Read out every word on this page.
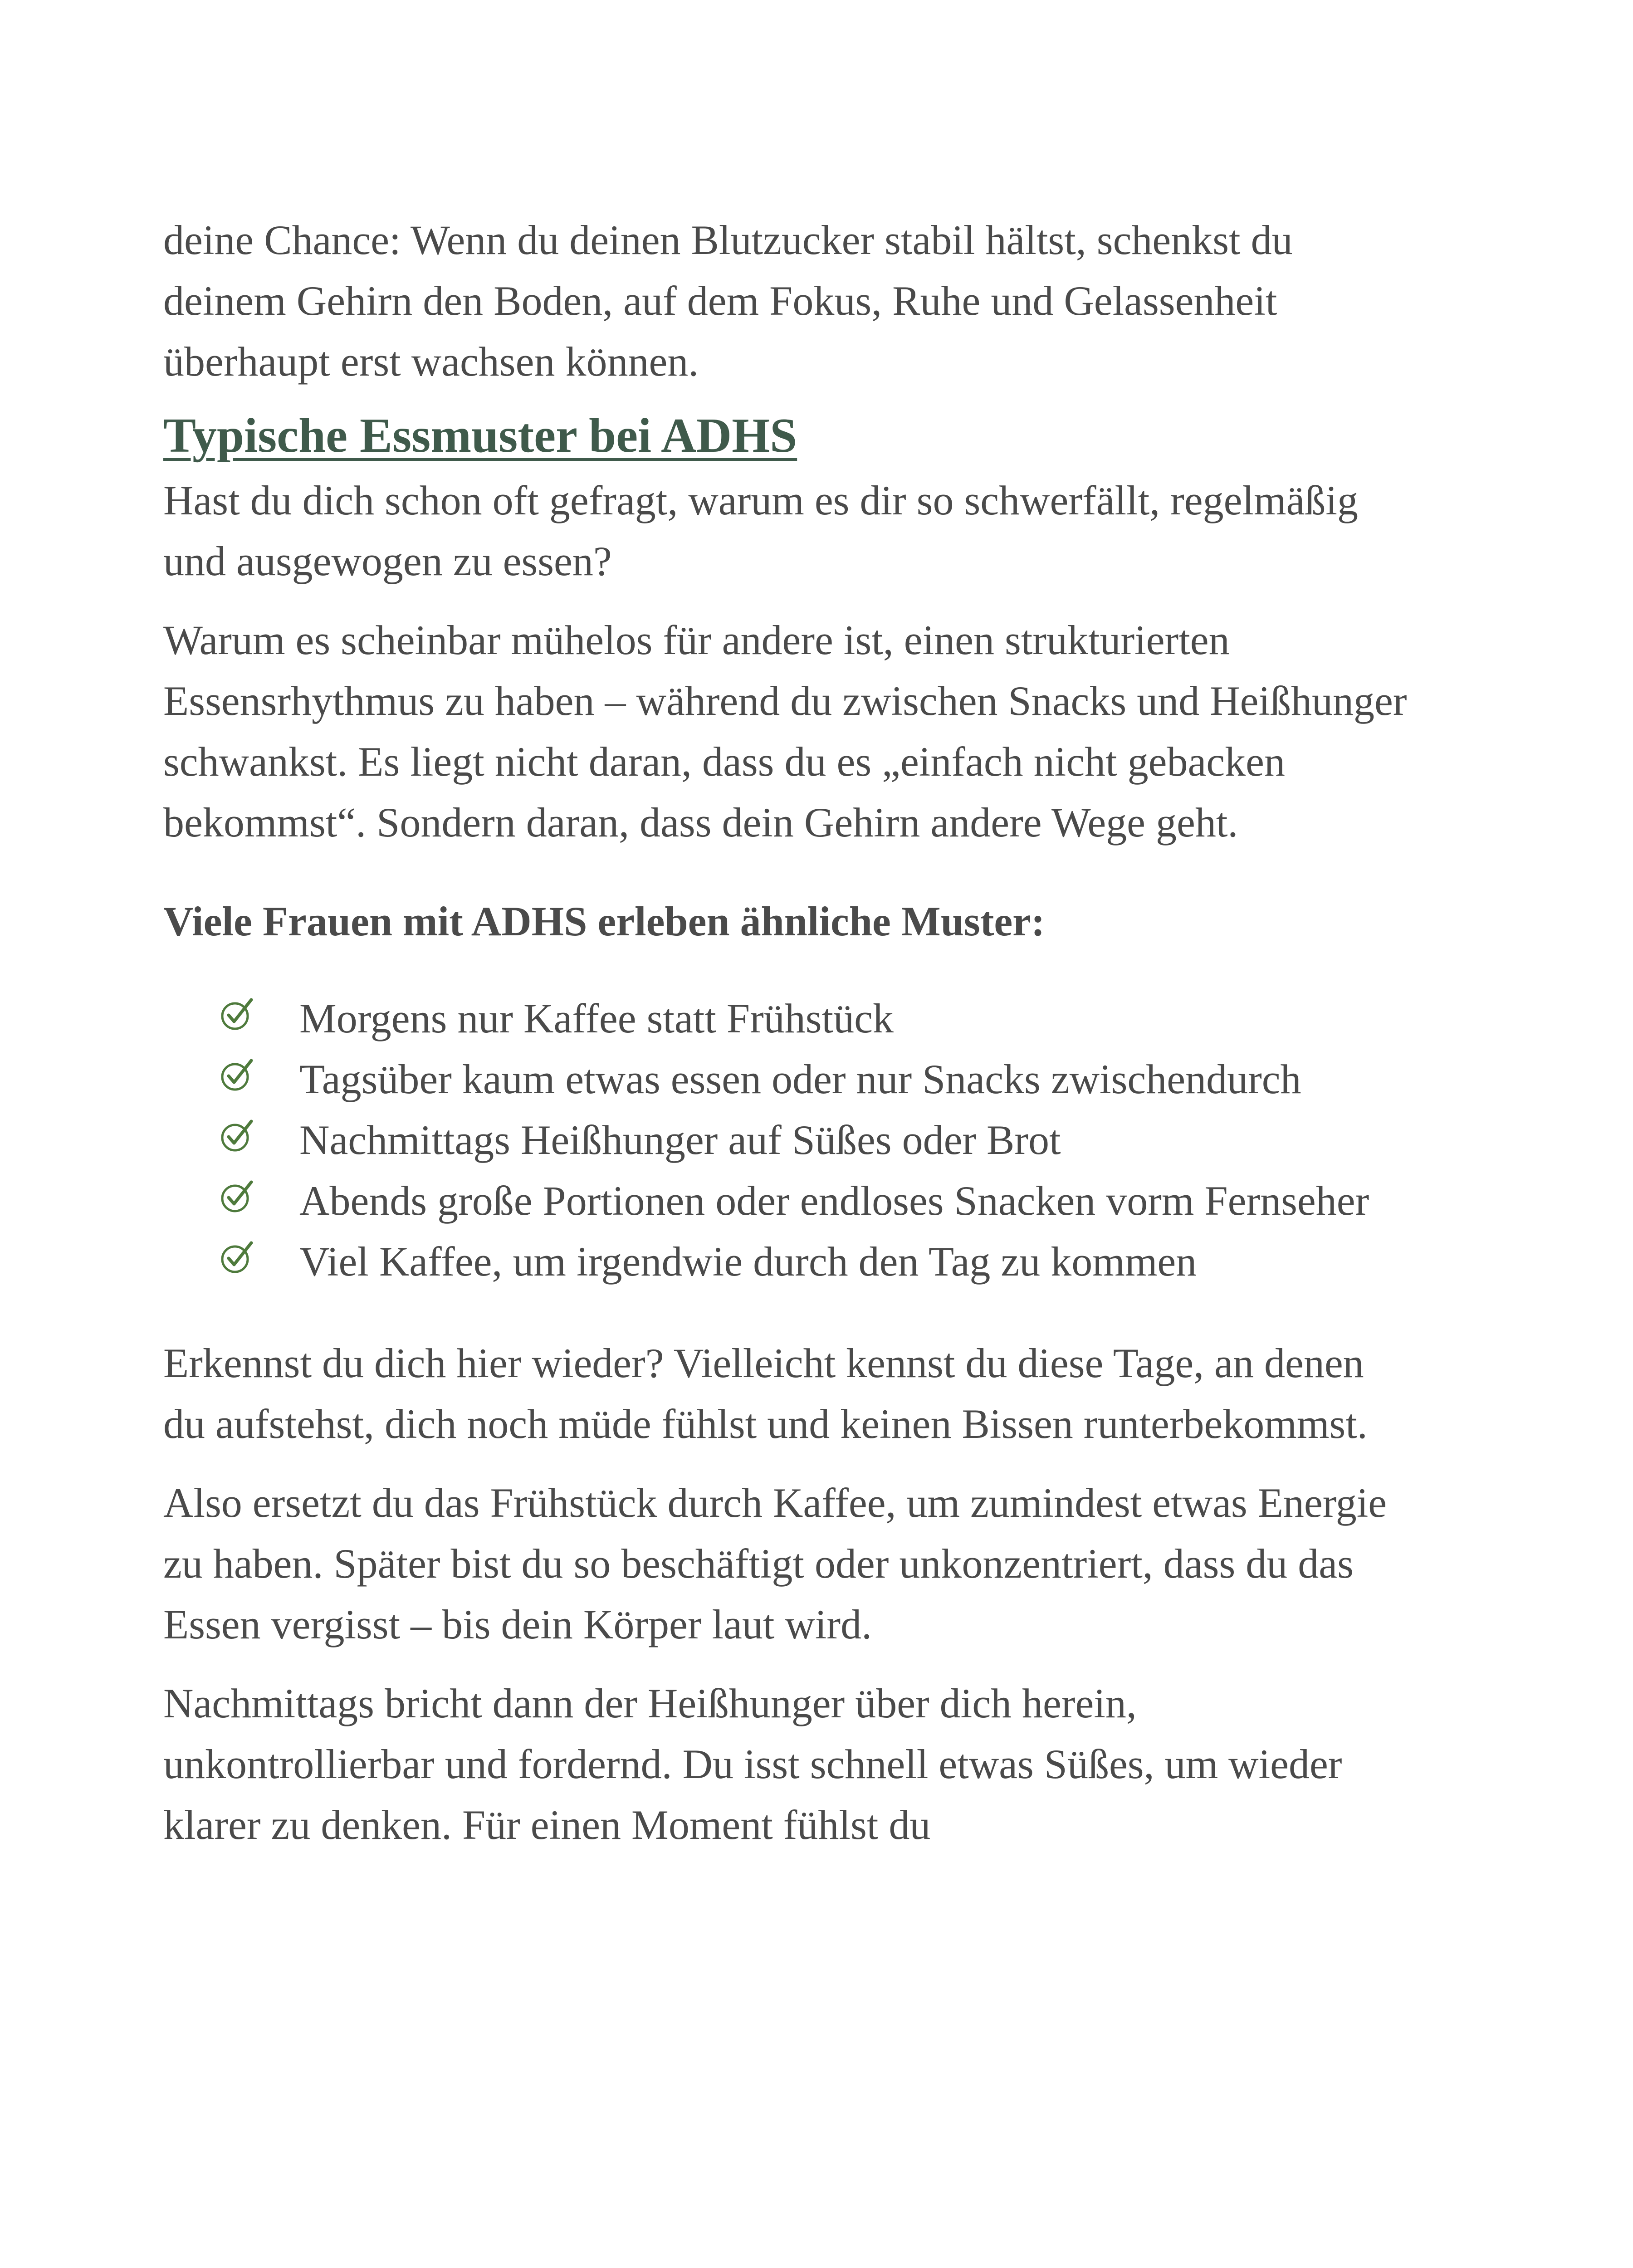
deine Chance: Wenn du deinen Blutzucker stabil hältst, schenkst du deinem Gehirn den Boden, auf dem Fokus, Ruhe und Gelassenheit überhaupt erst wachsen können.

Typische Essmuster bei ADHS

Hast du dich schon oft gefragt, warum es dir so schwerfällt, regelmäßig und ausgewogen zu essen?

Warum es scheinbar mühelos für andere ist, einen strukturierten Essensrhythmus zu haben – während du zwischen Snacks und Heißhunger schwankst. Es liegt nicht daran, dass du es „einfach nicht gebacken bekommst“. Sondern daran, dass dein Gehirn andere Wege geht.

Viele Frauen mit ADHS erleben ähnliche Muster:

Morgens nur Kaffee statt Frühstück
Tagsüber kaum etwas essen oder nur Snacks zwischendurch
Nachmittags Heißhunger auf Süßes oder Brot
Abends große Portionen oder endloses Snacken vorm Fernseher
Viel Kaffee, um irgendwie durch den Tag zu kommen

Erkennst du dich hier wieder? Vielleicht kennst du diese Tage, an denen du aufstehst, dich noch müde fühlst und keinen Bissen runterbekommst.

Also ersetzt du das Frühstück durch Kaffee, um zumindest etwas Energie zu haben. Später bist du so beschäftigt oder unkonzentriert, dass du das Essen vergisst – bis dein Körper laut wird.

Nachmittags bricht dann der Heißhunger über dich herein, unkontrollierbar und fordernd. Du isst schnell etwas Süßes, um wieder klarer zu denken. Für einen Moment fühlst du
